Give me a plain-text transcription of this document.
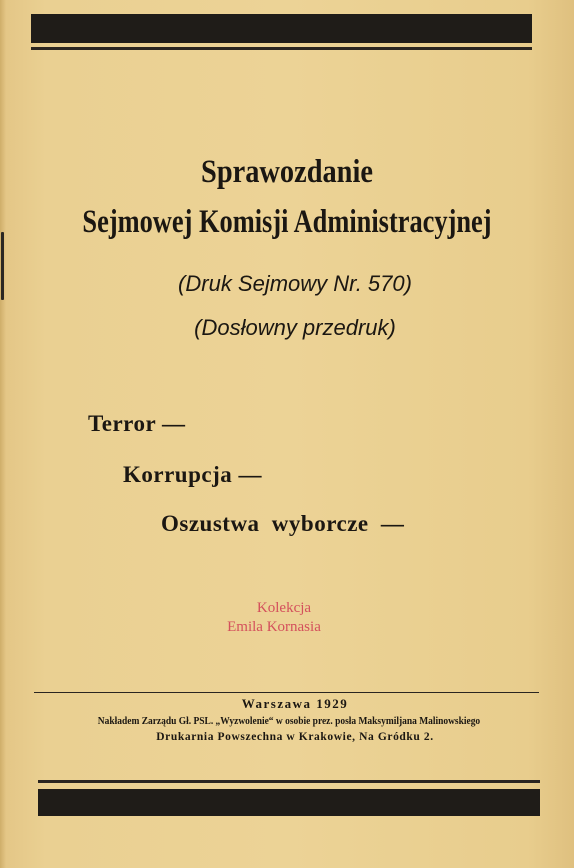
Sprawozdanie
Sejmowej Komisji Administracyjnej
(Druk Sejmowy Nr. 570)
(Dosłowny przedruk)
Terror —
Korrupcja —
Oszustwa wyborcze —
Kolekcja
Emila Kornasia
Warszawa 1929
Nakładem Zarządu Gł. PSL. „Wyzwolenie“ w osobie prez. posła Maksymiljana Malinowskiego
Drukarnia Powszechna w Krakowie, Na Gródku 2.
